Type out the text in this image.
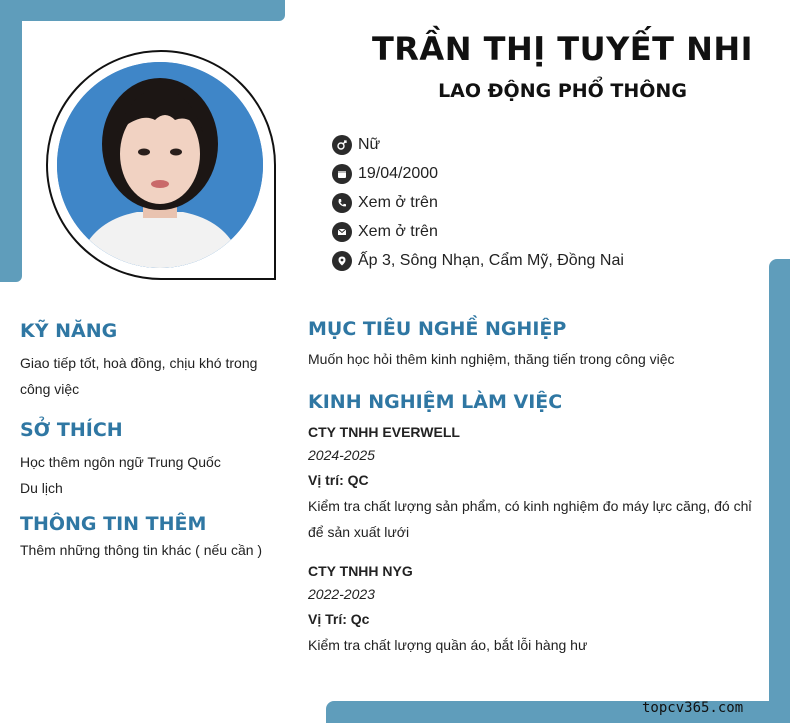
TRẦN THỊ TUYẾT NHI
LAO ĐỘNG PHỔ THÔNG
Nữ
19/04/2000
Xem ở trên
Xem ở trên
Ấp 3, Sông Nhạn, Cẩm Mỹ, Đồng Nai
KỸ NĂNG
Giao tiếp tốt, hoà đồng, chịu khó trong
công việc
SỞ THÍCH
Học thêm ngôn ngữ Trung Quốc
Du lịch
THÔNG TIN THÊM
Thêm những thông tin khác ( nếu cần )
MỤC TIÊU NGHỀ NGHIỆP
Muốn học hỏi thêm kinh nghiệm, thăng tiến trong công việc
KINH NGHIỆM LÀM VIỆC
CTY TNHH EVERWELL
2024-2025
Vị trí: QC
Kiểm tra chất lượng sản phẩm, có kinh nghiệm đo máy lực căng, đó chỉ
để sản xuất lưới
CTY TNHH NYG
2022-2023
Vị Trí: Qc
Kiểm tra chất lượng quần áo, bắt lỗi hàng hư
topcv365.com
